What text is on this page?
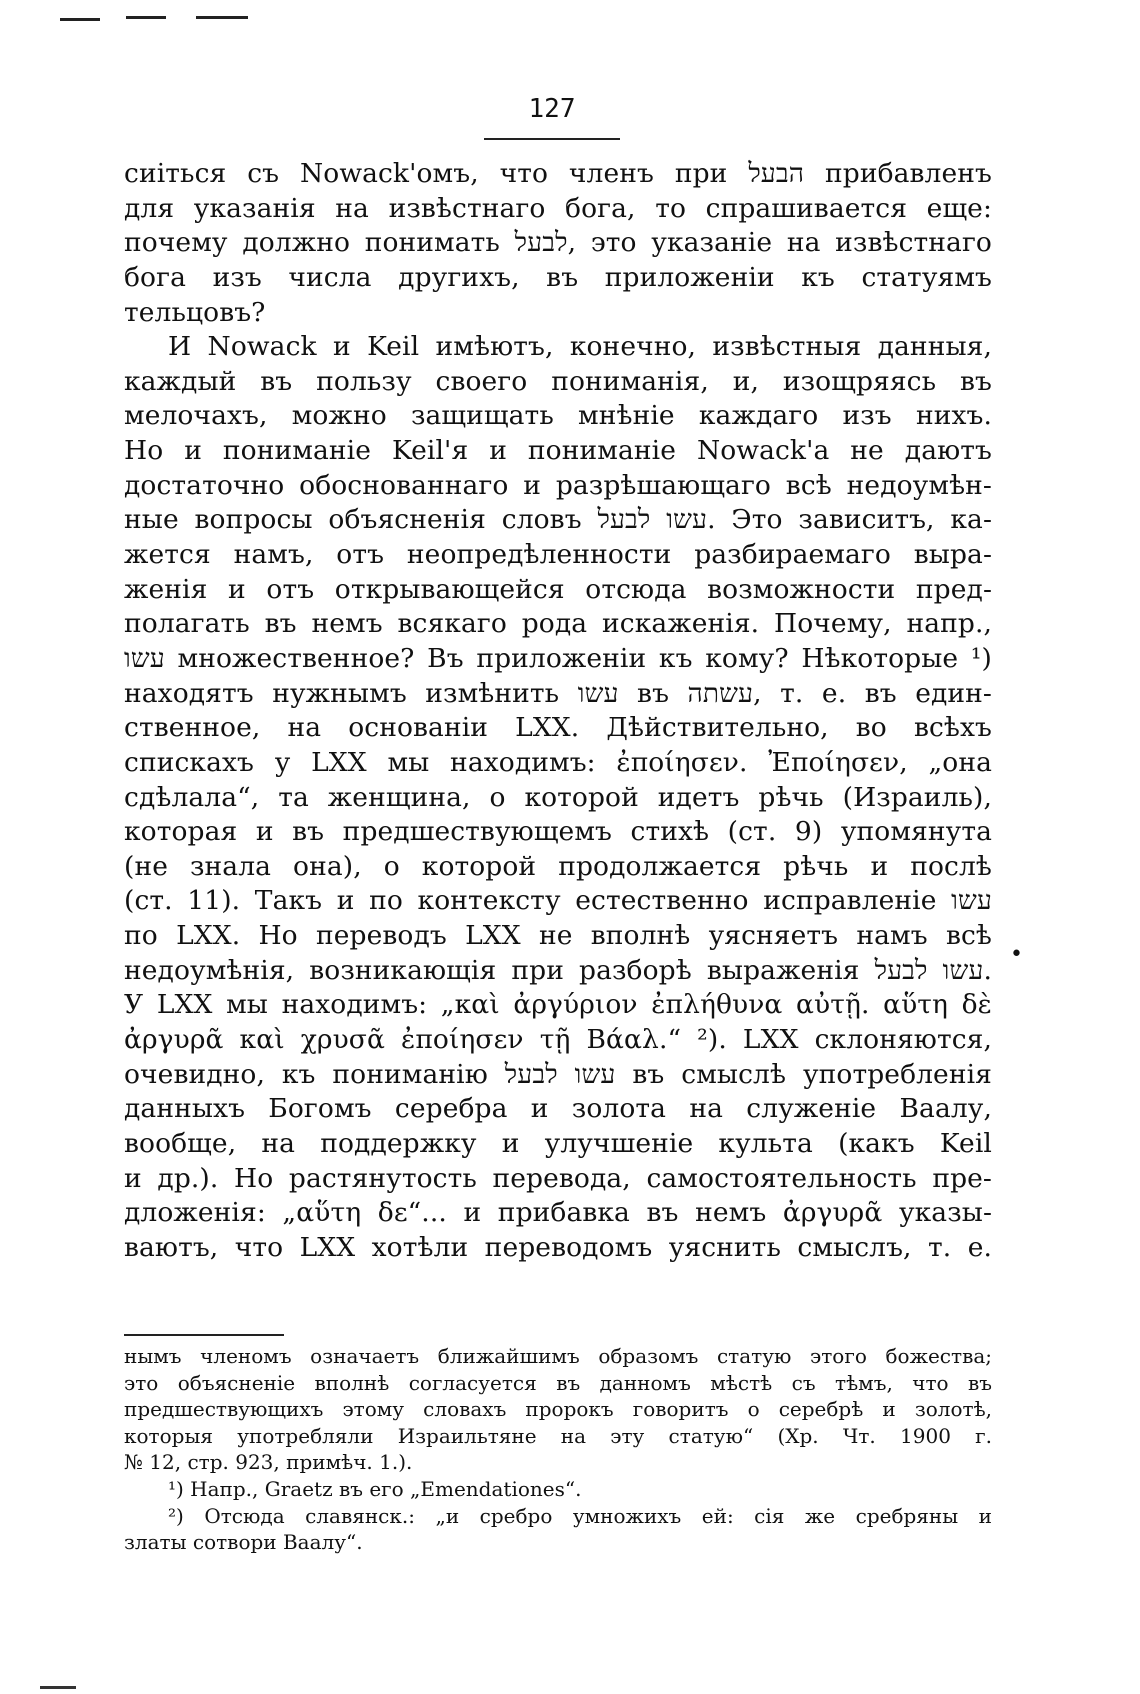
127
сиіться съ Nowack'омъ, что членъ при הבעל прибавленъ
для указанія на извѣстнаго бога, то спрашивается еще:
почему должно понимать לבעל, это указаніе на извѣстнаго
бога изъ числа другихъ, въ приложеніи къ статуямъ
тельцовъ?
И Nowack и Keil имѣютъ, конечно, извѣстныя данныя,
каждый въ пользу своего пониманія, и, изощряясь въ
мелочахъ, можно защищать мнѣніе каждаго изъ нихъ.
Но и пониманіе Keil'я и пониманіе Nowack'а не даютъ
достаточно обоснованнаго и разрѣшающаго всѣ недоумѣн-
ные вопросы объясненія словъ עשו לבעל. Это зависитъ, ка-
жется намъ, отъ неопредѣленности разбираемаго выра-
женія и отъ открывающейся отсюда возможности пред-
полагать въ немъ всякаго рода искаженія. Почему, напр.,
עשו множественное? Въ приложеніи къ кому? Нѣкоторые ¹)
находятъ нужнымъ измѣнить עשו въ עשתה, т. е. въ един-
ственное, на основаніи LXX. Дѣйствительно, во всѣхъ
спискахъ у LXX мы находимъ: ἐποίησεν. Ἐποίησεν, „она
сдѣлала“, та женщина, о которой идетъ рѣчь (Израиль),
которая и въ предшествующемъ стихѣ (ст. 9) упомянута
(не знала она), о которой продолжается рѣчь и послѣ
(ст. 11). Такъ и по контексту естественно исправленіе עשו
по LXX. Но переводъ LXX не вполнѣ уясняетъ намъ всѣ
недоумѣнія, возникающія при разборѣ выраженія עשו לבעל.
У LXX мы находимъ: „καὶ ἀργύριον ἐπλήθυνα αὐτῇ. αὕτη δὲ
ἀργυρᾶ καὶ χρυσᾶ ἐποίησεν τῇ Βάαλ.“ ²). LXX склоняются,
очевидно, къ пониманію עשו לבעל въ смыслѣ употребленія
данныхъ Богомъ серебра и золота на служеніе Ваалу,
вообще, на поддержку и улучшеніе культа (какъ Keil
и др.). Но растянутость перевода, самостоятельность пре-
дложенія: „αὕτη δε“... и прибавка въ немъ ἀργυρᾶ указы-
ваютъ, что LXX хотѣли переводомъ уяснить смыслъ, т. е.
•
нымъ членомъ означаетъ ближайшимъ образомъ статую этого божества;
это объясненіе вполнѣ согласуется въ данномъ мѣстѣ съ тѣмъ, что въ
предшествующихъ этому словахъ пророкъ говоритъ о серебрѣ и золотѣ,
которыя употребляли Израильтяне на эту статую“ (Хр. Чт. 1900 г.
№ 12, стр. 923, примѣч. 1.).
¹) Напр., Graetz въ его „Emendationes“.
²) Отсюда славянск.: „и сребро умножихъ ей: сія же сребряны и
златы сотвори Ваалу“.
